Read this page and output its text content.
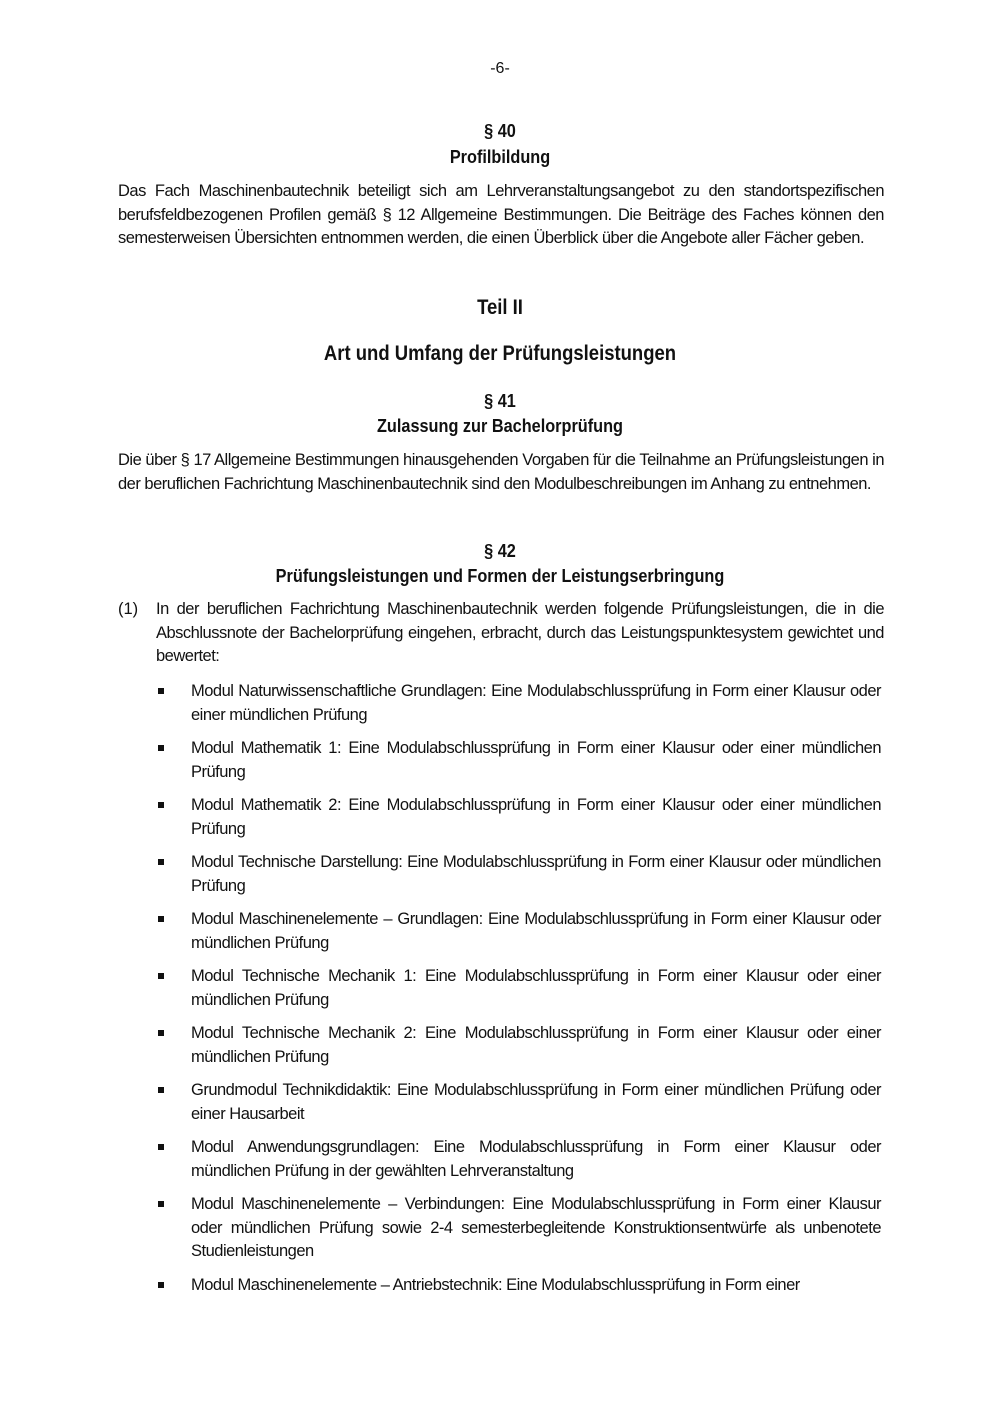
-6-
§ 40
Profilbildung

Das Fach Maschinenbautechnik beteiligt sich am Lehrveranstaltungsangebot zu den standortspezifischen berufsfeldbezogenen Profilen gemäß § 12 Allgemeine Bestimmungen. Die Beiträge des Faches können den semesterweisen Übersichten entnommen werden, die einen Überblick über die Angebote aller Fächer geben.

Teil II
Art und Umfang der Prüfungsleistungen
§ 41
Zulassung zur Bachelorprüfung

Die über § 17 Allgemeine Bestimmungen hinausgehenden Vorgaben für die Teilnahme an Prüfungsleistungen in der beruflichen Fachrichtung Maschinenbautechnik sind den Modulbeschreibungen im Anhang zu entnehmen.

§ 42
Prüfungsleistungen und Formen der Leistungserbringung
(1) In der beruflichen Fachrichtung Maschinenbautechnik werden folgende Prüfungsleistungen, die in die Abschlussnote der Bachelorprüfung eingehen, erbracht, durch das Leistungspunktesystem gewichtet und bewertet:

Modul Naturwissenschaftliche Grundlagen: Eine Modulabschlussprüfung in Form einer Klausur oder einer mündlichen Prüfung

Modul Mathematik 1: Eine Modulabschlussprüfung in Form einer Klausur oder einer mündlichen Prüfung

Modul Mathematik 2: Eine Modulabschlussprüfung in Form einer Klausur oder einer mündlichen Prüfung

Modul Technische Darstellung: Eine Modulabschlussprüfung in Form einer Klausur oder mündlichen Prüfung

Modul Maschinenelemente – Grundlagen: Eine Modulabschlussprüfung in Form einer Klausur oder mündlichen Prüfung

Modul Technische Mechanik 1: Eine Modulabschlussprüfung in Form einer Klausur oder einer mündlichen Prüfung

Modul Technische Mechanik 2: Eine Modulabschlussprüfung in Form einer Klausur oder einer mündlichen Prüfung

Grundmodul Technikdidaktik: Eine Modulabschlussprüfung in Form einer mündlichen Prüfung oder einer Hausarbeit

Modul Anwendungsgrundlagen: Eine Modulabschlussprüfung in Form einer Klausur oder mündlichen Prüfung in der gewählten Lehrveranstaltung

Modul Maschinenelemente – Verbindungen: Eine Modulabschlussprüfung in Form einer Klausur oder mündlichen Prüfung sowie 2-4 semesterbegleitende Konstruktionsentwürfe als unbenotete Studienleistungen

Modul Maschinenelemente – Antriebstechnik: Eine Modulabschlussprüfung in Form einer
